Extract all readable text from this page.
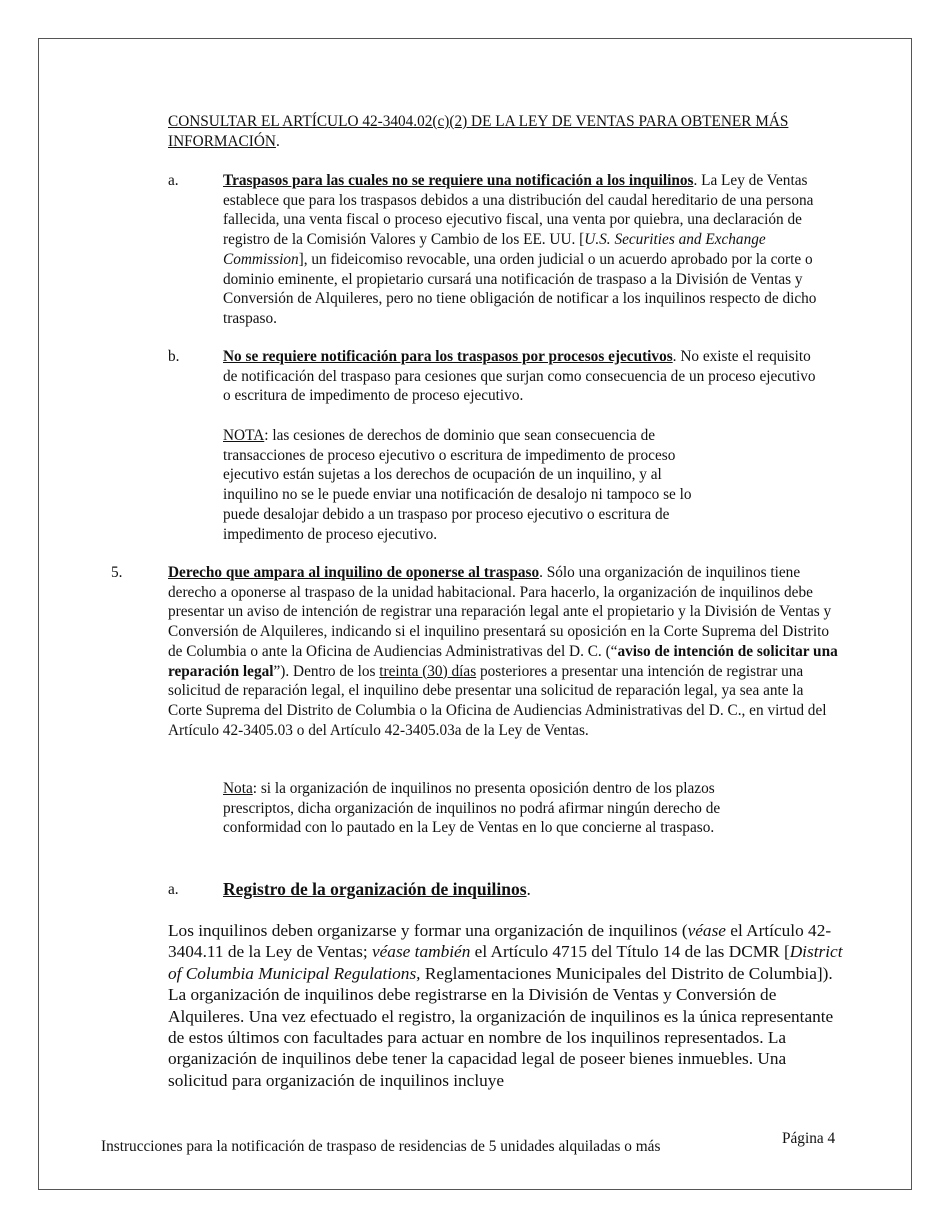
CONSULTAR EL ARTÍCULO 42-3404.02(c)(2) DE LA LEY DE VENTAS PARA OBTENER MÁS INFORMACIÓN.

a.	Traspasos para las cuales no se requiere una notificación a los inquilinos. La Ley de Ventas establece que para los traspasos debidos a una distribución del caudal hereditario de una persona fallecida, una venta fiscal o proceso ejecutivo fiscal, una venta por quiebra, una declaración de registro de la Comisión Valores y Cambio de los EE. UU. [U.S. Securities and Exchange Commission], un fideicomiso revocable, una orden judicial o un acuerdo aprobado por la corte o dominio eminente, el propietario cursará una notificación de traspaso a la División de Ventas y Conversión de Alquileres, pero no tiene obligación de notificar a los inquilinos respecto de dicho traspaso.

b.	No se requiere notificación para los traspasos por procesos ejecutivos. No existe el requisito de notificación del traspaso para cesiones que surjan como consecuencia de un proceso ejecutivo o escritura de impedimento de proceso ejecutivo.

NOTA: las cesiones de derechos de dominio que sean consecuencia de transacciones de proceso ejecutivo o escritura de impedimento de proceso ejecutivo están sujetas a los derechos de ocupación de un inquilino, y al inquilino no se le puede enviar una notificación de desalojo ni tampoco se lo puede desalojar debido a un traspaso por proceso ejecutivo o escritura de impedimento de proceso ejecutivo.

5.	Derecho que ampara al inquilino de oponerse al traspaso. Sólo una organización de inquilinos tiene derecho a oponerse al traspaso de la unidad habitacional. Para hacerlo, la organización de inquilinos debe presentar un aviso de intención de registrar una reparación legal ante el propietario y la División de Ventas y Conversión de Alquileres, indicando si el inquilino presentará su oposición en la Corte Suprema del Distrito de Columbia o ante la Oficina de Audiencias Administrativas del D. C. (“aviso de intención de solicitar una reparación legal”). Dentro de los treinta (30) días posteriores a presentar una intención de registrar una solicitud de reparación legal, el inquilino debe presentar una solicitud de reparación legal, ya sea ante la Corte Suprema del Distrito de Columbia o la Oficina de Audiencias Administrativas del D. C., en virtud del Artículo 42-3405.03 o del Artículo 42-3405.03a de la Ley de Ventas.

Nota: si la organización de inquilinos no presenta oposición dentro de los plazos prescriptos, dicha organización de inquilinos no podrá afirmar ningún derecho de conformidad con lo pautado en la Ley de Ventas en lo que concierne al traspaso.

a.	Registro de la organización de inquilinos.

Los inquilinos deben organizarse y formar una organización de inquilinos (véase el Artículo 42-3404.11 de la Ley de Ventas; véase también el Artículo 4715 del Título 14 de las DCMR [District of Columbia Municipal Regulations, Reglamentaciones Municipales del Distrito de Columbia]). La organización de inquilinos debe registrarse en la División de Ventas y Conversión de Alquileres. Una vez efectuado el registro, la organización de inquilinos es la única representante de estos últimos con facultades para actuar en nombre de los inquilinos representados. La organización de inquilinos debe tener la capacidad legal de poseer bienes inmuebles. Una solicitud para organización de inquilinos incluye

Instrucciones para la notificación de traspaso de residencias de 5 unidades alquiladas o más	Página 4
